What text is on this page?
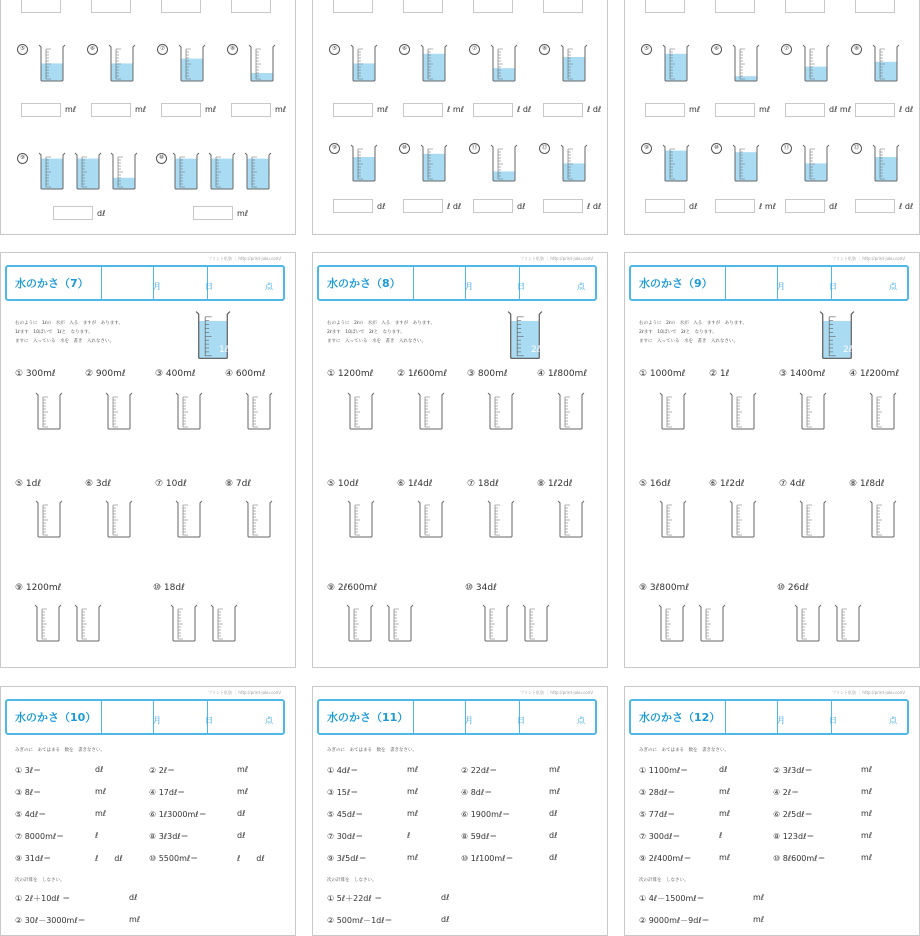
⑤	⑥	⑦	⑧
mℓ	mℓ	mℓ	mℓ
⑨	⑩
dℓ	mℓ
⑤	⑥	⑦	⑧
mℓ	ℓ mℓ	ℓ dℓ	ℓ dℓ
⑨	⑩	⑪	⑫
dℓ	ℓ dℓ	dℓ	ℓ dℓ
⑤	⑥	⑦	⑧
mℓ	mℓ	dℓ mℓ	ℓ dℓ
⑨	⑩	⑪	⑫
dℓ	ℓ mℓ	dℓ	ℓ dℓ
水のかさ（7）	月	日	点
プリント私塾 ｜ http://print-juku.com/
右のように　1ℓの　水が　入る　ますが　あります。
1ℓます　10ぱいで　1ℓと　なります。
ますに　入っている　水を　書き　入れなさい。
1ℓ
① 300mℓ	② 900mℓ	③ 400mℓ	④ 600mℓ
⑤ 1dℓ	⑥ 3dℓ	⑦ 10dℓ	⑧ 7dℓ
⑨ 1200mℓ	⑩ 18dℓ
水のかさ（8）	月	日	点
プリント私塾 ｜ http://print-juku.com/
右のように　2ℓの　水が　入る　ますが　あります。
2ℓます　10ぱいで　2ℓと　なります。
ますに　入っている　水を　書き　入れなさい。
2ℓ
① 1200mℓ	② 1ℓ600mℓ ③ 800mℓ	④ 1ℓ800mℓ
⑤ 10dℓ	⑥ 1ℓ4dℓ	⑦ 18dℓ	⑧ 1ℓ2dℓ
⑨ 2ℓ600mℓ	⑩ 34dℓ
水のかさ（9）	月	日	点
プリント私塾 ｜ http://print-juku.com/
右のように　2ℓの　水が　入る　ますが　あります。
2ℓます　10ぱいで　2ℓと　なります。
ますに　入っている　水を　書き　入れなさい。
2ℓ
① 1000mℓ	② 1ℓ	③ 1400mℓ	④ 1ℓ200mℓ
⑤ 16dℓ	⑥ 1ℓ2dℓ	⑦ 4dℓ	⑧ 1ℓ8dℓ
⑨ 3ℓ800mℓ	⑩ 26dℓ
水のかさ（10）	月	日	点
プリント私塾 ｜ http://print-juku.com/
みぎのに　あてはまる　数を　書きなさい。
① 3ℓ＝	dℓ	② 2ℓ＝	mℓ
③ 8ℓ＝	mℓ	④ 17dℓ＝	mℓ
⑤ 4dℓ＝	mℓ	⑥ 1ℓ3000mℓ＝	dℓ
⑦ 8000mℓ＝	ℓ	⑧ 3ℓ3dℓ＝	dℓ
⑨ 31dℓ＝	ℓ　　dℓ	⑩ 5500mℓ＝	ℓ　　dℓ
次の計算を　しなさい。
① 2ℓ＋10dℓ ＝	dℓ
② 30ℓ－3000mℓ＝	mℓ
水のかさ（11）	月	日	点
プリント私塾 ｜ http://print-juku.com/
みぎのに　あてはまる　数を　書きなさい。
① 4dℓ＝	mℓ	② 22dℓ＝	mℓ
③ 15ℓ＝	mℓ	④ 8dℓ＝	mℓ
⑤ 45dℓ＝	mℓ	⑥ 1900mℓ＝	dℓ
⑦ 30dℓ＝	ℓ	⑧ 59dℓ＝	dℓ
⑨ 3ℓ5dℓ＝	mℓ	⑩ 1ℓ100mℓ＝	dℓ
次の計算を　しなさい。
① 5ℓ＋22dℓ ＝	dℓ
② 500mℓ－1dℓ＝	dℓ
水のかさ（12）	月	日	点
プリント私塾 ｜ http://print-juku.com/
みぎのに　あてはまる　数を　書きなさい。
① 1100mℓ＝	dℓ	② 3ℓ3dℓ＝	mℓ
③ 28dℓ＝	mℓ	④ 2ℓ＝	mℓ
⑤ 77dℓ＝	mℓ	⑥ 2ℓ5dℓ＝	mℓ
⑦ 300dℓ＝	ℓ	⑧ 123dℓ＝	mℓ
⑨ 2ℓ400mℓ＝	mℓ	⑩ 8ℓ600mℓ＝	mℓ
次の計算を　しなさい。
① 4ℓ－1500mℓ＝	mℓ
② 9000mℓ－9dℓ＝	mℓ
